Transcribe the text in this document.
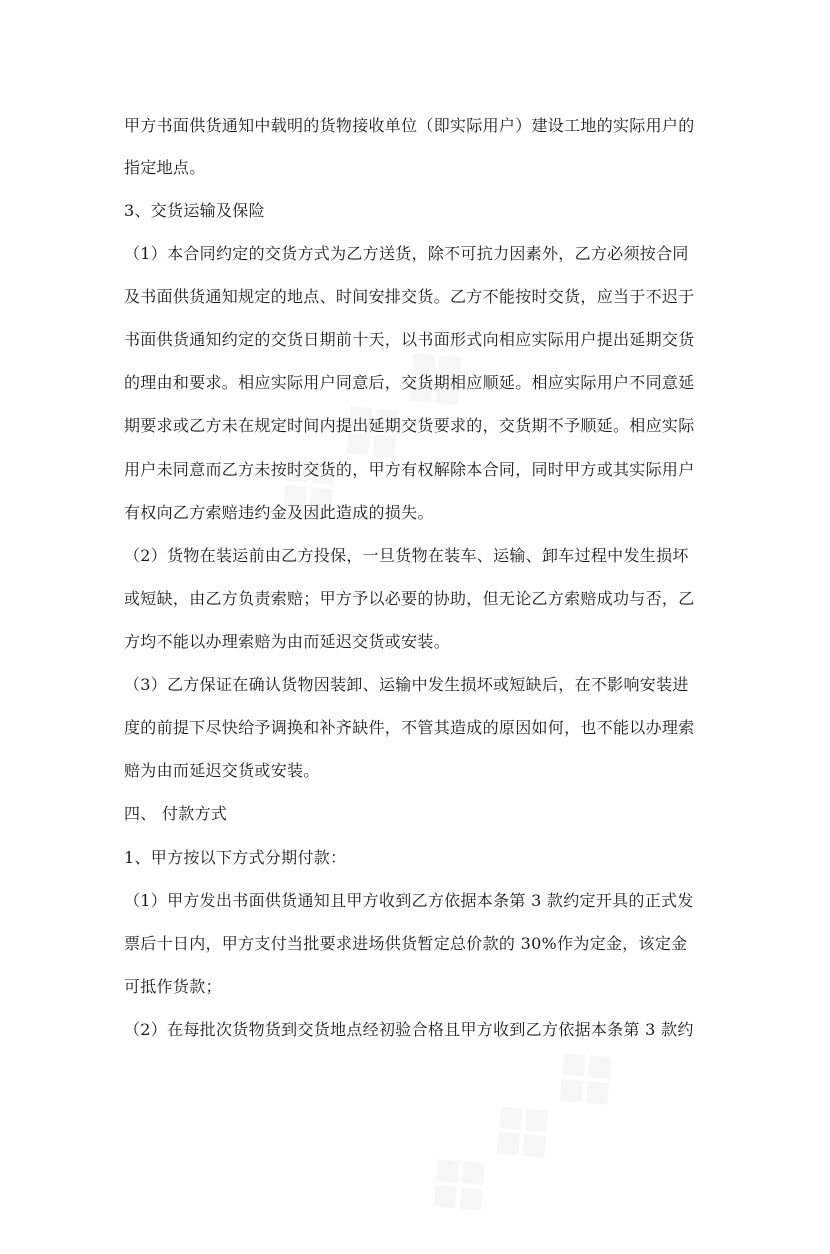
甲方书面供货通知中载明的货物接收单位（即实际用户）建设工地的实际用户的
指定地点。
3、交货运输及保险
（1）本合同约定的交货方式为乙方送货，除不可抗力因素外，乙方必须按合同
及书面供货通知规定的地点、时间安排交货。乙方不能按时交货，应当于不迟于
书面供货通知约定的交货日期前十天，以书面形式向相应实际用户提出延期交货
的理由和要求。相应实际用户同意后，交货期相应顺延。相应实际用户不同意延
期要求或乙方未在规定时间内提出延期交货要求的，交货期不予顺延。相应实际
用户未同意而乙方未按时交货的，甲方有权解除本合同，同时甲方或其实际用户
有权向乙方索赔违约金及因此造成的损失。
（2）货物在装运前由乙方投保，一旦货物在装车、运输、卸车过程中发生损坏
或短缺，由乙方负责索赔；甲方予以必要的协助，但无论乙方索赔成功与否，乙
方均不能以办理索赔为由而延迟交货或安装。
（3）乙方保证在确认货物因装卸、运输中发生损坏或短缺后，在不影响安装进
度的前提下尽快给予调换和补齐缺件，不管其造成的原因如何，也不能以办理索
赔为由而延迟交货或安装。
四、 付款方式
1、甲方按以下方式分期付款：
（1）甲方发出书面供货通知且甲方收到乙方依据本条第 3 款约定开具的正式发
票后十日内，甲方支付当批要求进场供货暂定总价款的 30%作为定金，该定金
可抵作货款；
（2）在每批次货物货到交货地点经初验合格且甲方收到乙方依据本条第 3 款约
